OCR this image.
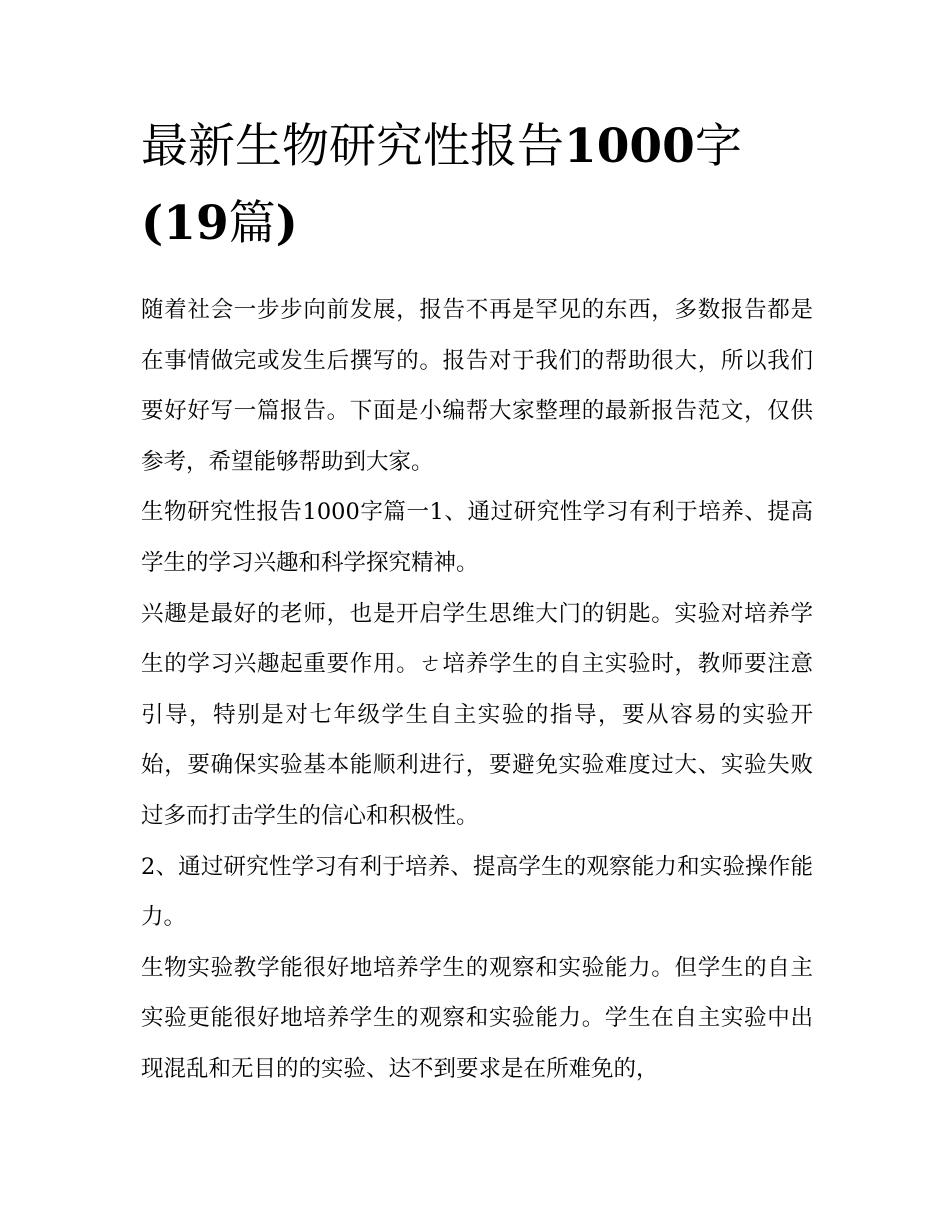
最新生物研究性报告1000字(19篇)

随着社会一步步向前发展，报告不再是罕见的东西，多数报告都是在事情做完或发生后撰写的。报告对于我们的帮助很大，所以我们要好好写一篇报告。下面是小编帮大家整理的最新报告范文，仅供参考，希望能够帮助到大家。

生物研究性报告1000字篇一1、通过研究性学习有利于培养、提高学生的学习兴趣和科学探究精神。

兴趣是最好的老师，也是开启学生思维大门的钥匙。实验对培养学生的学习兴趣起重要作用。ㄜ培养学生的自主实验时，教师要注意引导，特别是对七年级学生自主实验的指导，要从容易的实验开始，要确保实验基本能顺利进行，要避免实验难度过大、实验失败过多而打击学生的信心和积极性。

2、通过研究性学习有利于培养、提高学生的观察能力和实验操作能力。

生物实验教学能很好地培养学生的观察和实验能力。但学生的自主实验更能很好地培养学生的观察和实验能力。学生在自主实验中出现混乱和无目的的实验、达不到要求是在所难免的，
